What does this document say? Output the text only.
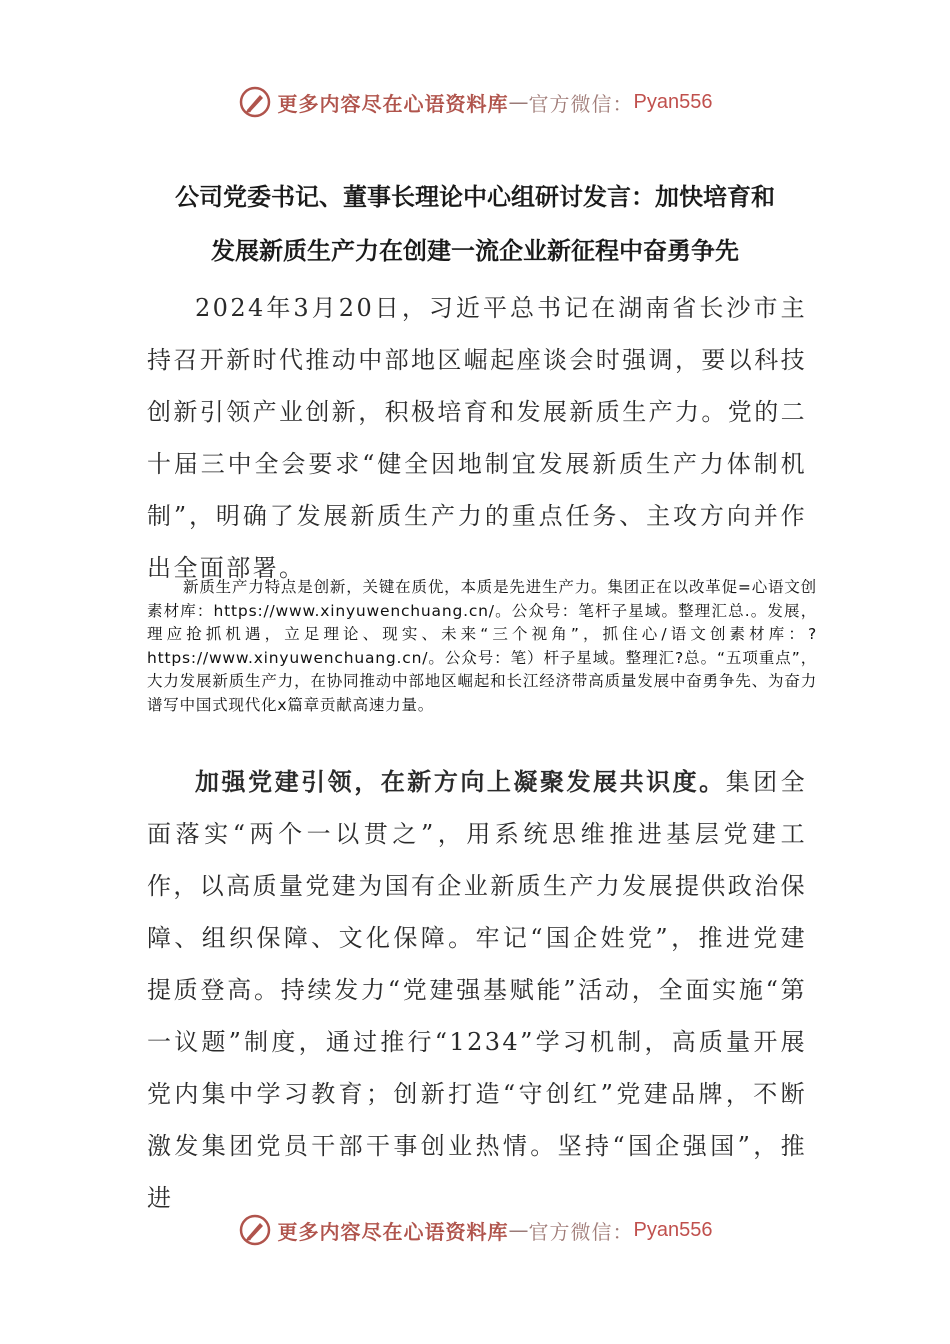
更多内容尽在心语资料库 — 官方微信： Pyan556
公司党委书记、董事长理论中心组研讨发言：加快培育和
发展新质生产力在创建一流企业新征程中奋勇争先

2024年3月20日，习近平总书记在湖南省长沙市主持召开新时代推动中部地区崛起座谈会时强调，要以科技创新引领产业创新，积极培育和发展新质生产力。党的二十届三中全会要求“健全因地制宜发展新质生产力体制机制”，明确了发展新质生产力的重点任务、主攻方向并作出全面部署。

新质生产力特点是创新，关键在质优，本质是先进生产力。集团正在以改革促=心语文创素材库：https://www.xinyuwenchuang.cn/。公众号：笔杆子星域。整理汇总.。发展，理应抢抓机遇，立足理论、现实、未来“三个视角”，抓住心/语文创素材库：?https://www.xinyuwenchuang.cn/。公众号：笔）杆子星域。整理汇?总。“五项重点”，大力发展新质生产力，在协同推动中部地区崛起和长江经济带高质量发展中奋勇争先、为奋力谱写中国式现代化x篇章贡献高速力量。

加强党建引领，在新方向上凝聚发展共识度。集团全面落实“两个一以贯之”，用系统思维推进基层党建工作，以高质量党建为国有企业新质生产力发展提供政治保障、组织保障、文化保障。牢记“国企姓党”，推进党建提质登高。持续发力“党建强基赋能”活动，全面实施“第一议题”制度，通过推行“1234”学习机制，高质量开展党内集中学习教育；创新打造“守创红”党建品牌，不断激发集团党员干部干事创业热情。坚持“国企强国”，推进

更多内容尽在心语资料库 — 官方微信： Pyan556
